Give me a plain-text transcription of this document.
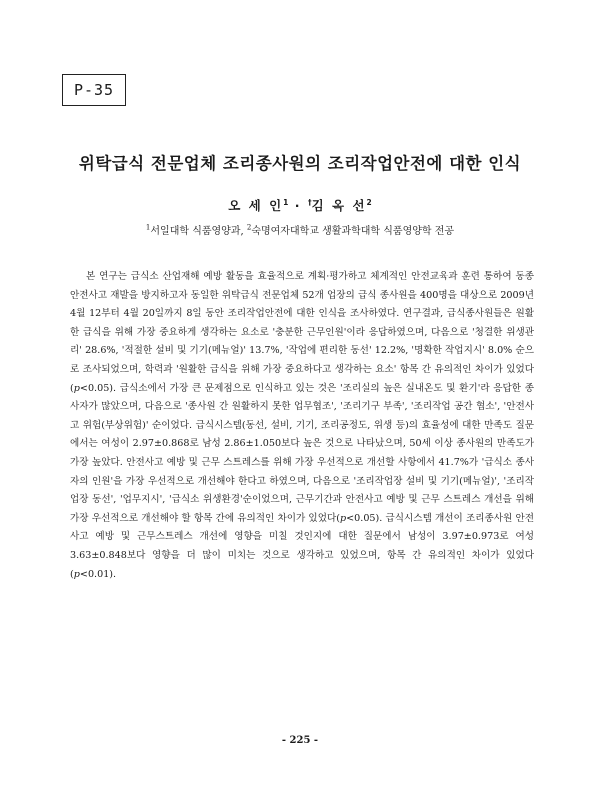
P-35
위탁급식 전문업체 조리종사원의 조리작업안전에 대한 인식
오 세 인$^1$ · †김 옥 선$^2$
$^1$서일대학 식품영양과, $^2$숙명여자대학교 생활과학대학 식품영양학 전공

본 연구는 급식소 산업재해 예방 활동을 효율적으로 계획·평가하고 체계적인 안전교육과 훈련 통하여 동종 안전사고 재발을 방지하고자 동일한 위탁급식 전문업체 52개 업장의 급식 종사원을 400명을 대상으로 2009년 4월 12부터 4월 20일까지 8일 동안 조리작업안전에 대한 인식을 조사하였다. 연구결과, 급식종사원들은 원활한 급식을 위해 가장 중요하게 생각하는 요소로 '충분한 근무인원'이라 응답하였으며, 다음으로 '청결한 위생관리' 28.6%, '적절한 설비 및 기기(메뉴얼)' 13.7%, '작업에 편리한 동선' 12.2%, '명확한 작업지시' 8.0% 순으로 조사되었으며, 학력과 '원활한 급식을 위해 가장 중요하다고 생각하는 요소' 항목 간 유의적인 차이가 있었다(p<0.05). 급식소에서 가장 큰 문제점으로 인식하고 있는 것은 '조리실의 높은 실내온도 및 환기'라 응답한 종사자가 많았으며, 다음으로 '종사원 간 원활하지 못한 업무협조', '조리기구 부족', '조리작업 공간 협소', '안전사고 위험(부상위험)' 순이었다. 급식시스템(동선, 설비, 기기, 조리공정도, 위생 등)의 효율성에 대한 만족도 질문에서는 여성이 2.97±0.868로 남성 2.86±1.050보다 높은 것으로 나타났으며, 50세 이상 종사원의 만족도가 가장 높았다. 안전사고 예방 및 근무 스트레스를 위해 가장 우선적으로 개선할 사항에서 41.7%가 '급식소 종사자의 인원'을 가장 우선적으로 개선해야 한다고 하였으며, 다음으로 '조리작업장 설비 및 기기(메뉴얼)', '조리작업장 동선', '업무지시', '급식소 위생환경'순이었으며, 근무기간과 안전사고 예방 및 근무 스트레스 개선을 위해 가장 우선적으로 개선해야 할 항목 간에 유의적인 차이가 있었다(p<0.05). 급식시스템 개선이 조리종사원 안전사고 예방 및 근무스트레스 개선에 영향을 미칠 것인지에 대한 질문에서 남성이 3.97±0.973로 여성 3.63±0.848보다 영향을 더 많이 미치는 것으로 생각하고 있었으며, 항목 간 유의적인 차이가 있었다(p<0.01).

- 225 -
